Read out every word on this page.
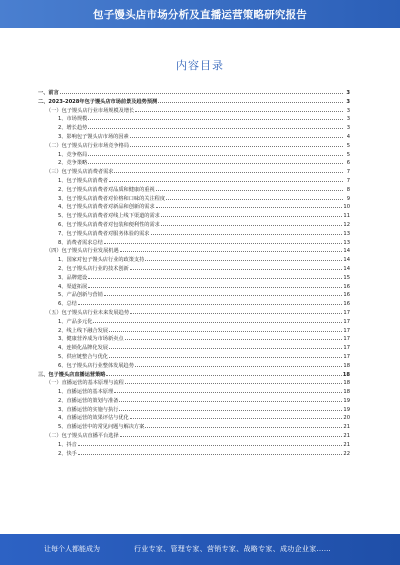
包子馒头店市场分析及直播运营策略研究报告
内容目录
一、前言	3
二、2023-2028年包子馒头店市场前景及趋势预测	3
（一）包子馒头店行业市场规模及增长	3
1、市场规模	3
2、增长趋势	3
3、影响包子馒头店市场的因素	4
（二）包子馒头店行业市场竞争格局	5
1、竞争格局	5
2、竞争策略	6
（三）包子馒头店消费者需求	7
1、包子馒头店消费者	7
2、包子馒头店消费者对品质和健康的重视	8
3、包子馒头店消费者对价格和口味的关注程度	9
4、包子馒头店消费者对新品和创新的需求	10
5、包子馒头店消费者对线上线下渠道的需求	11
6、包子馒头店消费者对包装和便利性的需求	12
7、包子馒头店消费者对服务体验的需求	13
8、消费者需求总结	13
（四）包子馒头店行业发展机遇	14
1、国家对包子馒头店行业的政策支持	14
2、包子馒头店行业的技术创新	14
3、品牌建设	15
4、渠道拓展	16
5、产品创新与营销	16
6、总结	16
（五）包子馒头店行业未来发展趋势	17
1、产品多元化	17
2、线上线下融合发展	17
3、健康营养成为市场新卖点	17
4、连锁化品牌化发展	17
5、供应链整合与优化	17
6、包子馒头店行业整体发展趋势	18
三、包子馒头店直播运营策略	18
（一）直播运营的基本原理与流程	18
1、直播运营的基本原理	18
2、直播运营的策划与准备	19
3、直播运营的实施与执行	19
4、直播运营的效果评估与优化	20
5、直播运营中的常见问题与解决方案	21
（二）包子馒头店直播平台选择	21
1、抖音	21
2、快手	22
让每个人都能成为	行业专家、管理专家、营销专家、战略专家、成功企业家……
